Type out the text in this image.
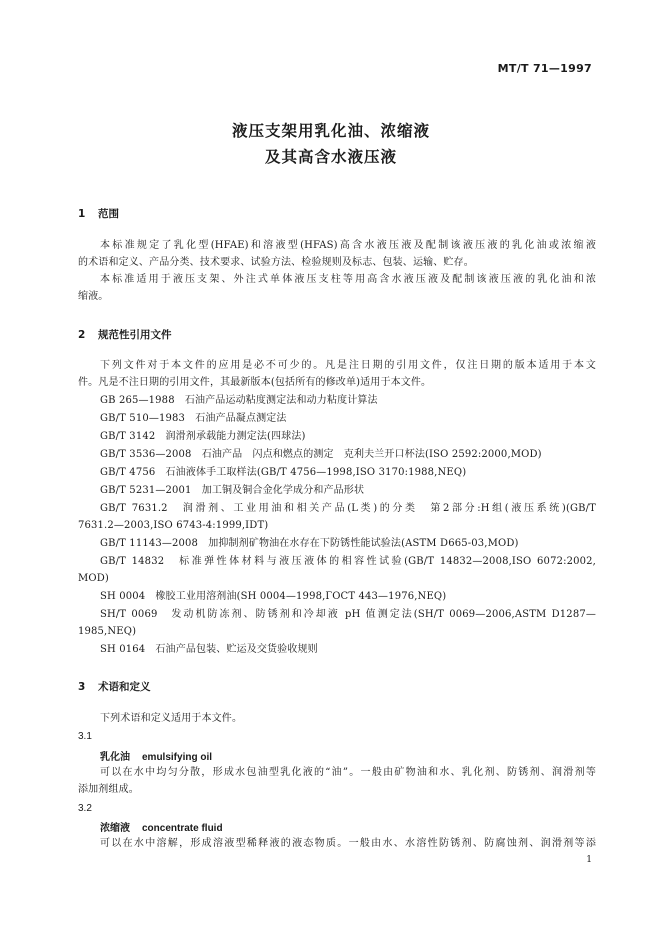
MT/T 71—1997
液压支架用乳化油、浓缩液
及其高含水液压液
1 范围
本标准规定了乳化型(HFAE)和溶液型(HFAS)高含水液压液及配制该液压液的乳化油或浓缩液
的术语和定义、产品分类、技术要求、试验方法、检验规则及标志、包装、运输、贮存。
本标准适用于液压支架、外注式单体液压支柱等用高含水液压液及配制该液压液的乳化油和浓
缩液。
2 规范性引用文件
下列文件对于本文件的应用是必不可少的。凡是注日期的引用文件，仅注日期的版本适用于本文
件。凡是不注日期的引用文件，其最新版本(包括所有的修改单)适用于本文件。
GB 265—1988　石油产品运动粘度测定法和动力粘度计算法
GB/T 510—1983　石油产品凝点测定法
GB/T 3142　润滑剂承载能力测定法(四球法)
GB/T 3536—2008　石油产品　闪点和燃点的测定　克利夫兰开口杯法(ISO 2592:2000,MOD)
GB/T 4756　石油液体手工取样法(GB/T 4756—1998,ISO 3170:1988,NEQ)
GB/T 5231—2001　加工铜及铜合金化学成分和产品形状
GB/T 7631.2　润滑剂、工业用油和相关产品(L类)的分类　第2部分:H组(液压系统)(GB/T
7631.2—2003,ISO 6743-4:1999,IDT)
GB/T 11143—2008　加抑制剂矿物油在水存在下防锈性能试验法(ASTM D665-03,MOD)
GB/T 14832　标准弹性体材料与液压液体的相容性试验(GB/T 14832—2008,ISO 6072:2002,
MOD)
SH 0004　橡胶工业用溶剂油(SH 0004—1998,ГОСТ 443—1976,NEQ)
SH/T 0069　发动机防冻剂、防锈剂和冷却液 pH 值测定法(SH/T 0069—2006,ASTM D1287—
1985,NEQ)
SH 0164　石油产品包装、贮运及交货验收规则
3 术语和定义
下列术语和定义适用于本文件。
3.1
乳化油 emulsifying oil
可以在水中均匀分散，形成水包油型乳化液的“油”。一般由矿物油和水、乳化剂、防锈剂、润滑剂等
添加剂组成。
3.2
浓缩液 concentrate fluid
可以在水中溶解，形成溶液型稀释液的液态物质。一般由水、水溶性防锈剂、防腐蚀剂、润滑剂等添
1
